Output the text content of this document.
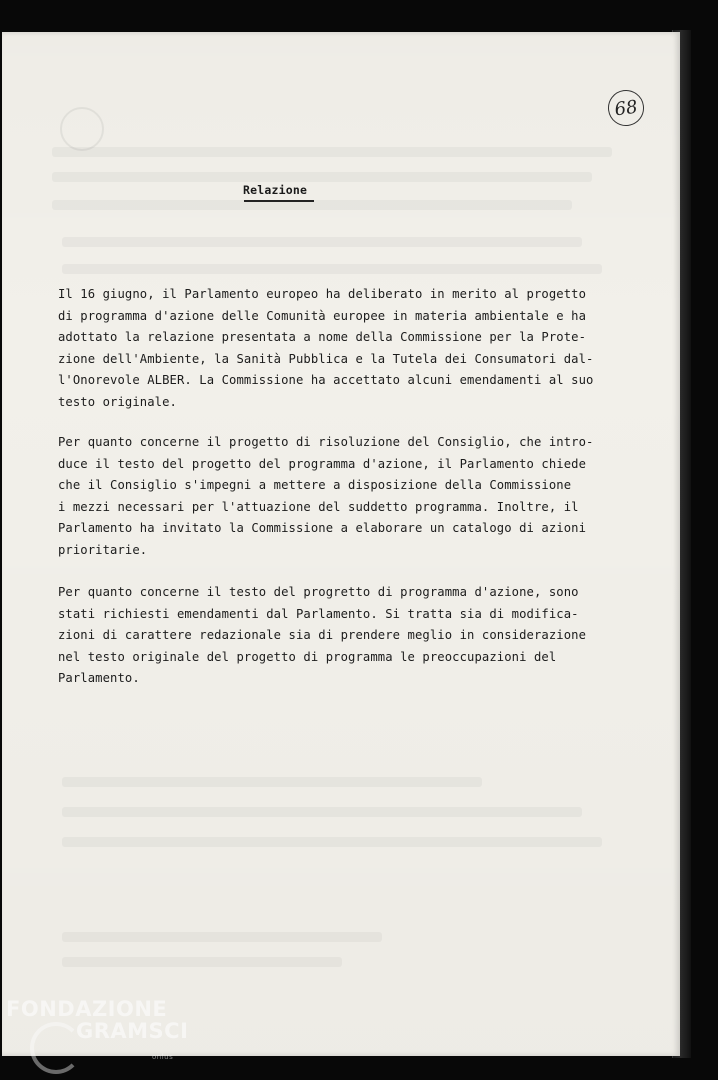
68
Relazione
Il 16 giugno, il Parlamento europeo ha deliberato in merito al progetto
di programma d'azione delle Comunità europee in materia ambientale e
adottato la relazione presentata a nome della Commissione per la Prote-
zione dell'Ambiente, la Sanità Pubblica e la Tutela dei Consumatori
l'Onorevole ALBER. La Commissione ha accettato alcuni emendamenti al
testo originale.
Per quanto concerne il progetto di risoluzione del Consiglio, che intro-
duce il testo del progetto del programma d'azione, il Parlamento chiede
che il Consiglio s'impegni a mettere a disposizione della Commissione
i mezzi necessari per l'attuazione del suddetto programma. Inoltre, il
Parlamento ha invitato la Commissione a elaborare un catalogo di azioni
prioritarie.
Per quanto concerne il testo del progretto di programma d'azione, sono
stati richiesti emendamenti dal Parlamento. Si tratta sia di modifica-
zioni di carattere redazionale sia di prendere meglio in considerazione
nel testo originale del progetto di programma le preoccupazioni del
Parlamento.
FONDAZIONE
GRAMSCI
onlus
